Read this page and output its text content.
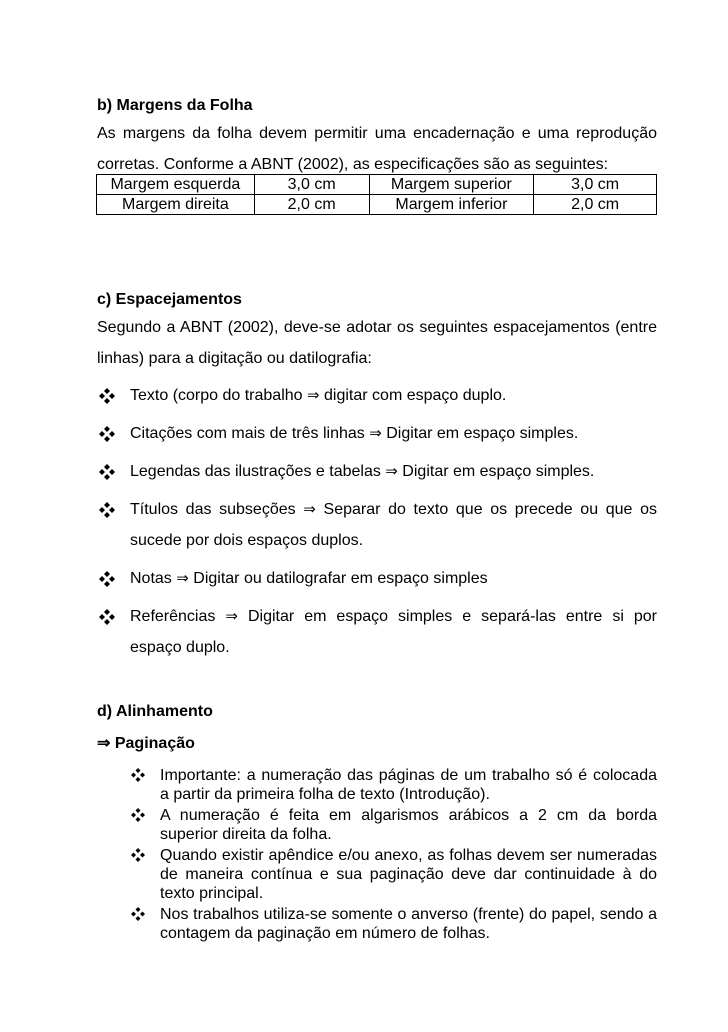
b) Margens da Folha
As margens da folha devem permitir uma encadernação e uma reprodução corretas. Conforme a ABNT (2002), as especificações são as seguintes:
Margem esquerda	3,0 cm	Margem superior	3,0 cm
Margem direita	2,0 cm	Margem inferior	2,0 cm
c) Espacejamentos
Segundo a ABNT (2002), deve-se adotar os seguintes espacejamentos (entre linhas) para a digitação ou datilografia:
Texto (corpo do trabalho ⇒ digitar com espaço duplo.
Citações com mais de três linhas ⇒ Digitar em espaço simples.
Legendas das ilustrações e tabelas ⇒ Digitar em espaço simples.
Títulos das subseções ⇒ Separar do texto que os precede ou que os sucede por dois espaços duplos.
Notas ⇒ Digitar ou datilografar em espaço simples
Referências ⇒ Digitar em espaço simples e separá-las entre si por espaço duplo.
d) Alinhamento
⇒ Paginação
Importante: a numeração das páginas de um trabalho só é colocada a partir da primeira folha de texto (Introdução).
A numeração é feita em algarismos arábicos a 2 cm da borda superior direita da folha.
Quando existir apêndice e/ou anexo, as folhas devem ser numeradas de maneira contínua e sua paginação deve dar continuidade à do texto principal.
Nos trabalhos utiliza-se somente o anverso (frente) do papel, sendo a contagem da paginação em número de folhas.
